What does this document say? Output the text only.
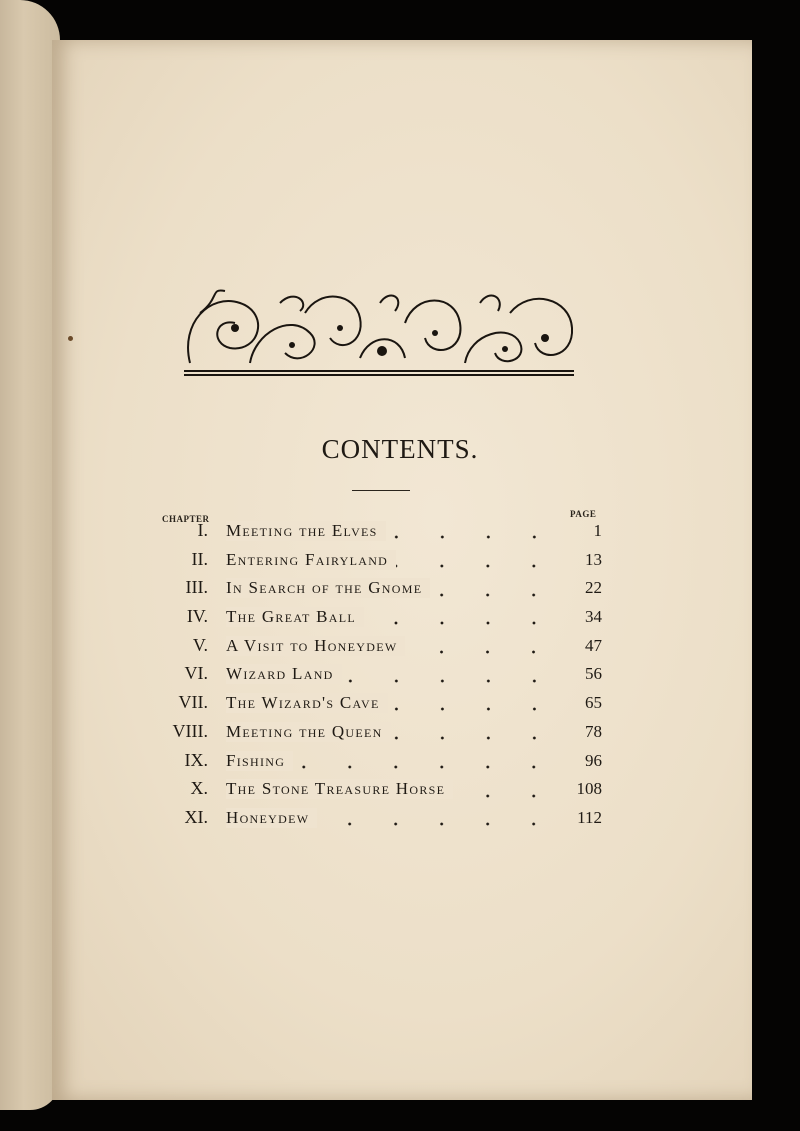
CONTENTS.
CHAPTER	PAGE
I.	Meeting the Elves	1
II.	Entering Fairyland	13
III.	In Search of the Gnome	22
IV.	The Great Ball	34
V.	A Visit to Honeydew	47
VI.	Wizard Land	56
VII.	The Wizard's Cave	65
VIII.	Meeting the Queen	78
IX.	Fishing	96
X.	The Stone Treasure Horse	108
XI.	Honeydew	112
